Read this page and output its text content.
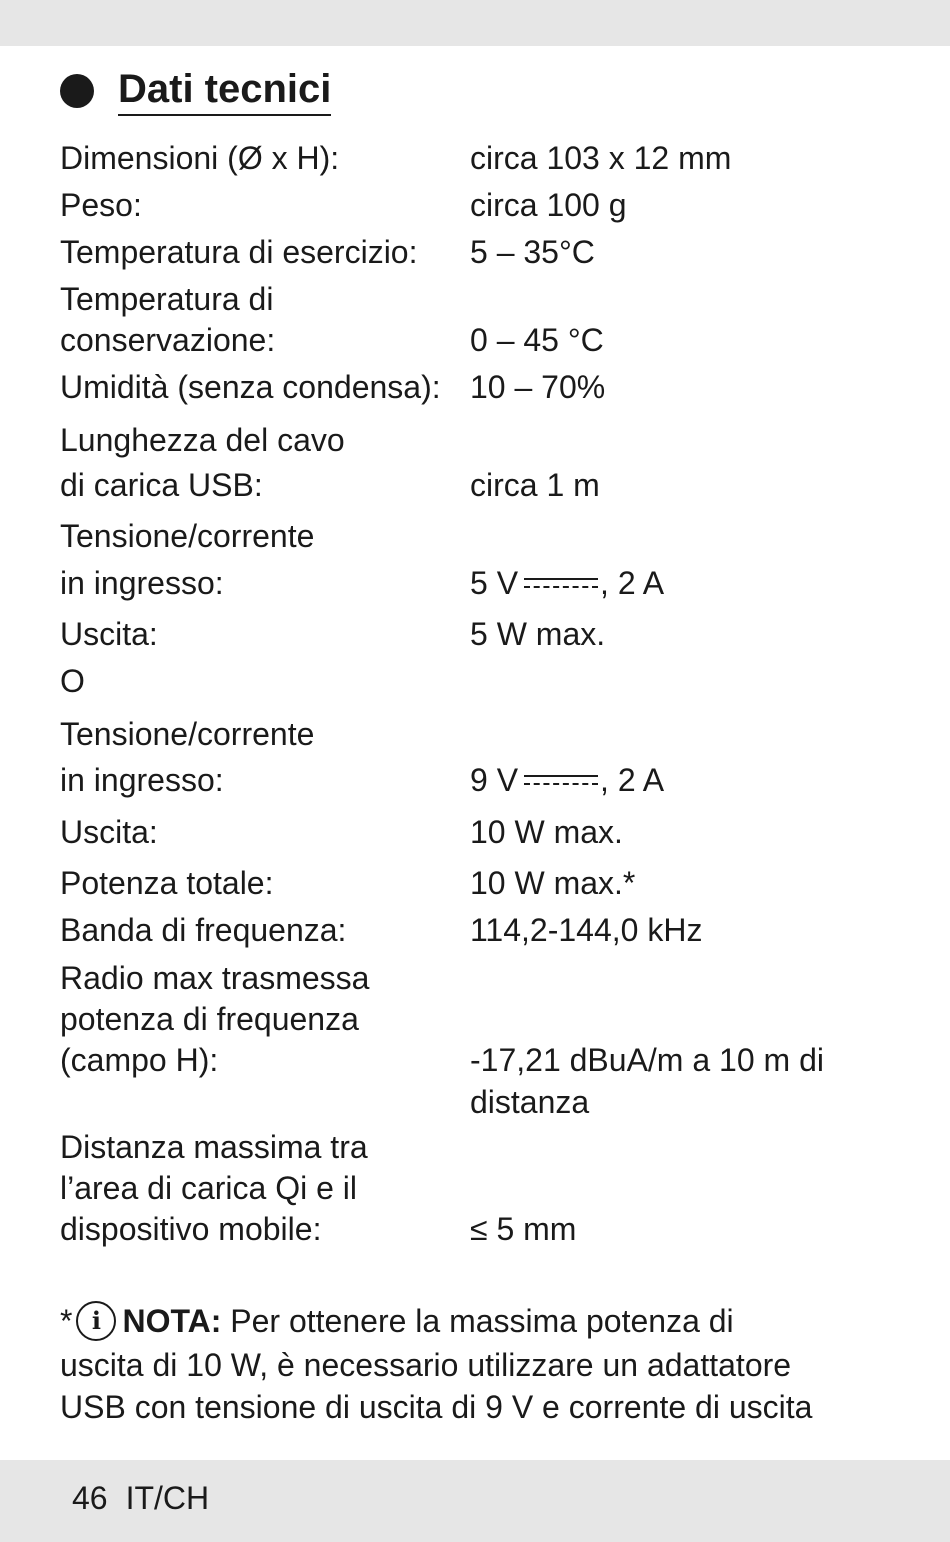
Dati tecnici
Dimensioni (Ø x H):	circa 103 x 12 mm
Peso:	circa 100 g
Temperatura di esercizio: 5 – 35°C
Temperatura di
conservazione:	0 – 45 °C
Umidità (senza condensa): 10 – 70%
Lunghezza del cavo
di carica USB:	circa 1 m
Tensione/corrente
in ingresso:	5 V	, 2 A
Uscita:	5 W max.
O
Tensione/corrente
in ingresso:	9 V	, 2 A
Uscita:	10 W max.
Potenza totale:	10 W max.*
Banda di frequenza:	114,2-144,0 kHz
Radio max trasmessa
potenza di frequenza
(campo H):	-17,21 dBuA/m a 10 m di
distanza
Distanza massima tra
l’area di carica Qi e il
dispositivo mobile:	≤ 5 mm
* i NOTA: Per ottenere la massima potenza di
uscita di 10 W, è necessario utilizzare un adattatore
USB con tensione di uscita di 9 V e corrente di uscita
46 IT/CH
